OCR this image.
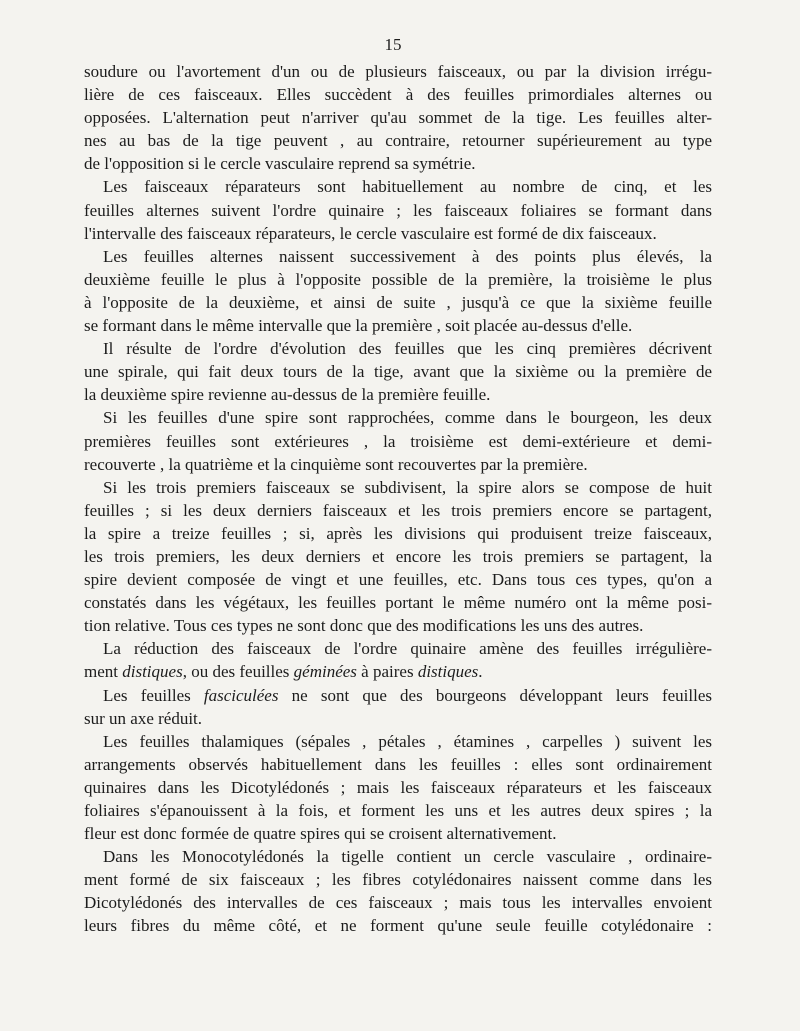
15
soudure ou l'avortement d'un ou de plusieurs faisceaux, ou par la division irrégu-
lière de ces faisceaux. Elles succèdent à des feuilles primordiales alternes ou
opposées. L'alternation peut n'arriver qu'au sommet de la tige. Les feuilles alter-
nes au bas de la tige peuvent , au contraire, retourner supérieurement au type
de l'opposition si le cercle vasculaire reprend sa symétrie.
Les faisceaux réparateurs sont habituellement au nombre de cinq, et les
feuilles alternes suivent l'ordre quinaire ; les faisceaux foliaires se formant dans
l'intervalle des faisceaux réparateurs, le cercle vasculaire est formé de dix faisceaux.
Les feuilles alternes naissent successivement à des points plus élevés, la
deuxième feuille le plus à l'opposite possible de la première, la troisième le plus
à l'opposite de la deuxième, et ainsi de suite , jusqu'à ce que la sixième feuille
se formant dans le même intervalle que la première , soit placée au-dessus d'elle.
Il résulte de l'ordre d'évolution des feuilles que les cinq premières décrivent
une spirale, qui fait deux tours de la tige, avant que la sixième ou la première de
la deuxième spire revienne au-dessus de la première feuille.
Si les feuilles d'une spire sont rapprochées, comme dans le bourgeon, les deux
premières feuilles sont extérieures , la troisième est demi-extérieure et demi-
recouverte , la quatrième et la cinquième sont recouvertes par la première.
Si les trois premiers faisceaux se subdivisent, la spire alors se compose de huit
feuilles ; si les deux derniers faisceaux et les trois premiers encore se partagent,
la spire a treize feuilles ; si, après les divisions qui produisent treize faisceaux,
les trois premiers, les deux derniers et encore les trois premiers se partagent, la
spire devient composée de vingt et une feuilles, etc. Dans tous ces types, qu'on a
constatés dans les végétaux, les feuilles portant le même numéro ont la même posi-
tion relative. Tous ces types ne sont donc que des modifications les uns des autres.
La réduction des faisceaux de l'ordre quinaire amène des feuilles irrégulière-
ment distiques, ou des feuilles géminées à paires distiques.
Les feuilles fasciculées ne sont que des bourgeons développant leurs feuilles
sur un axe réduit.
Les feuilles thalamiques (sépales , pétales , étamines , carpelles ) suivent les
arrangements observés habituellement dans les feuilles : elles sont ordinairement
quinaires dans les Dicotylédonés ; mais les faisceaux réparateurs et les faisceaux
foliaires s'épanouissent à la fois, et forment les uns et les autres deux spires ; la
fleur est donc formée de quatre spires qui se croisent alternativement.
Dans les Monocotylédonés la tigelle contient un cercle vasculaire , ordinaire-
ment formé de six faisceaux ; les fibres cotylédonaires naissent comme dans les
Dicotylédonés des intervalles de ces faisceaux ; mais tous les intervalles envoient
leurs fibres du même côté, et ne forment qu'une seule feuille cotylédonaire :
